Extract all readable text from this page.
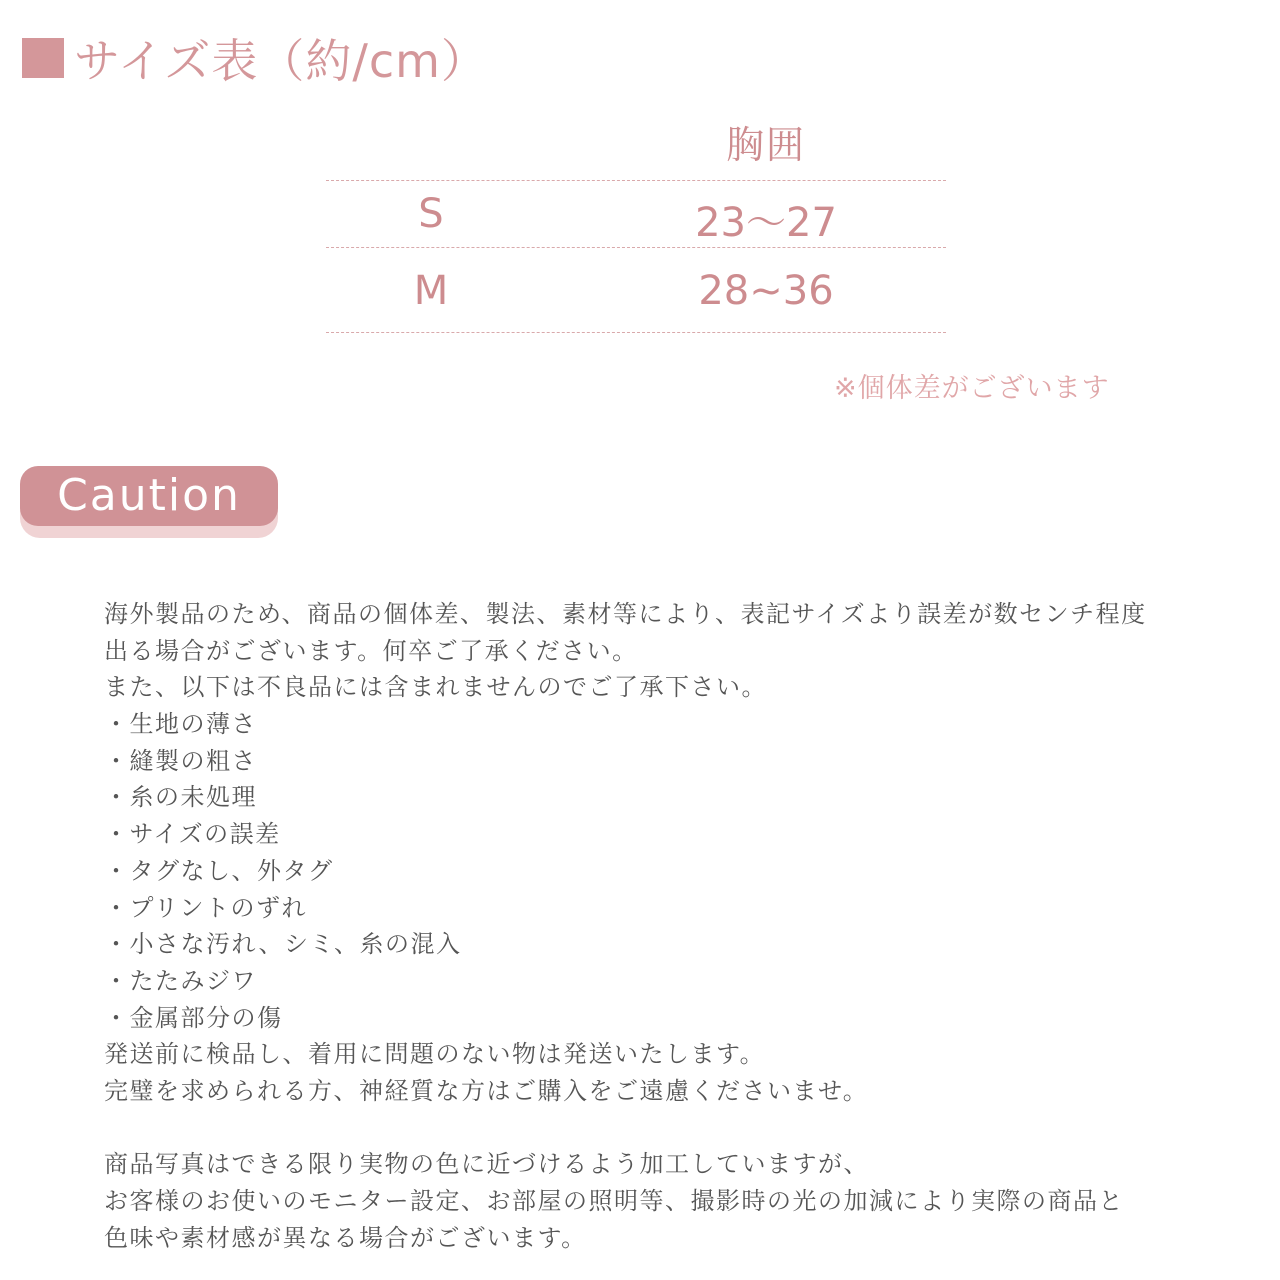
サイズ表（約/cm）
胸囲
S	23～27
M	28~36
※個体差がございます
Caution
海外製品のため、商品の個体差、製法、素材等により、表記サイズより誤差が数センチ程度
出る場合がございます。何卒ご了承ください。
また、以下は不良品には含まれませんのでご了承下さい。
・生地の薄さ
・縫製の粗さ
・糸の未処理
・サイズの誤差
・タグなし、外タグ
・プリントのずれ
・小さな汚れ、シミ、糸の混入
・たたみジワ
・金属部分の傷
発送前に検品し、着用に問題のない物は発送いたします。
完璧を求められる方、神経質な方はご購入をご遠慮くださいませ。
商品写真はできる限り実物の色に近づけるよう加工していますが、
お客様のお使いのモニター設定、お部屋の照明等、撮影時の光の加減により実際の商品と
色味や素材感が異なる場合がございます。
